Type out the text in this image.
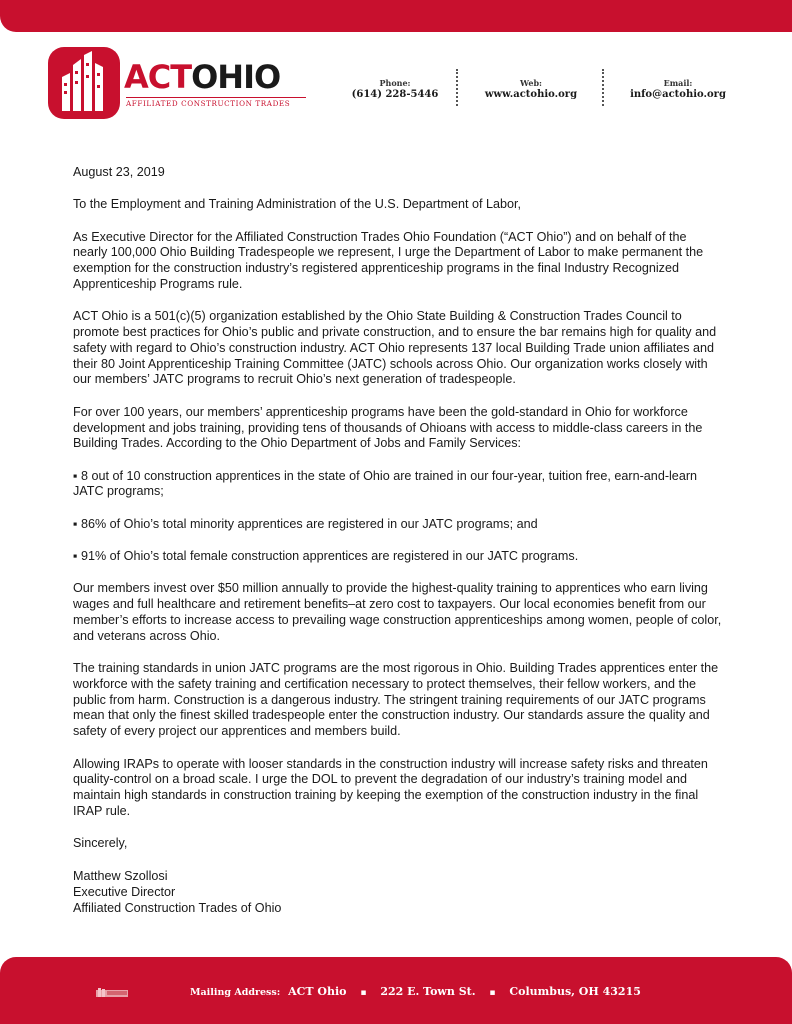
ACTOHIO
AFFILIATED CONSTRUCTION TRADES
Phone:
(614) 228-5446
Web:
www.actohio.org
Email:
info@actohio.org

August 23, 2019

To the Employment and Training Administration of the U.S. Department of Labor,

As Executive Director for the Affiliated Construction Trades Ohio Foundation (“ACT Ohio”) and on behalf of the nearly 100,000 Ohio Building Tradespeople we represent, I urge the Department of Labor to make permanent the exemption for the construction industry’s registered apprenticeship programs in the final Industry Recognized Apprenticeship Programs rule.

ACT Ohio is a 501(c)(5) organization established by the Ohio State Building & Construction Trades Council to promote best practices for Ohio’s public and private construction, and to ensure the bar remains high for quality and safety with regard to Ohio’s construction industry. ACT Ohio represents 137 local Building Trade union affiliates and their 80 Joint Apprenticeship Training Committee (JATC) schools across Ohio. Our organization works closely with our members’ JATC programs to recruit Ohio’s next generation of tradespeople.

For over 100 years, our members’ apprenticeship programs have been the gold-standard in Ohio for workforce development and jobs training, providing tens of thousands of Ohioans with access to middle-class careers in the Building Trades. According to the Ohio Department of Jobs and Family Services:

▪ 8 out of 10 construction apprentices in the state of Ohio are trained in our four-year, tuition free, earn-and-learn JATC programs;

▪ 86% of Ohio’s total minority apprentices are registered in our JATC programs; and

▪ 91% of Ohio’s total female construction apprentices are registered in our JATC programs.

Our members invest over $50 million annually to provide the highest-quality training to apprentices who earn living wages and full healthcare and retirement benefits–at zero cost to taxpayers. Our local economies benefit from our member’s efforts to increase access to prevailing wage construction apprenticeships among women, people of color, and veterans across Ohio.

The training standards in union JATC programs are the most rigorous in Ohio. Building Trades apprentices enter the workforce with the safety training and certification necessary to protect themselves, their fellow workers, and the public from harm. Construction is a dangerous industry. The stringent training requirements of our JATC programs mean that only the finest skilled tradespeople enter the construction industry. Our standards assure the quality and safety of every project our apprentices and members build.

Allowing IRAPs to operate with looser standards in the construction industry will increase safety risks and threaten quality-control on a broad scale. I urge the DOL to prevent the degradation of our industry’s training model and maintain high standards in construction training by keeping the exemption of the construction industry in the final IRAP rule.

Sincerely,

Matthew Szollosi
Executive Director
Affiliated Construction Trades of Ohio
Mailing Address: ACT Ohio ▪ 222 E. Town St. ▪ Columbus, OH 43215
